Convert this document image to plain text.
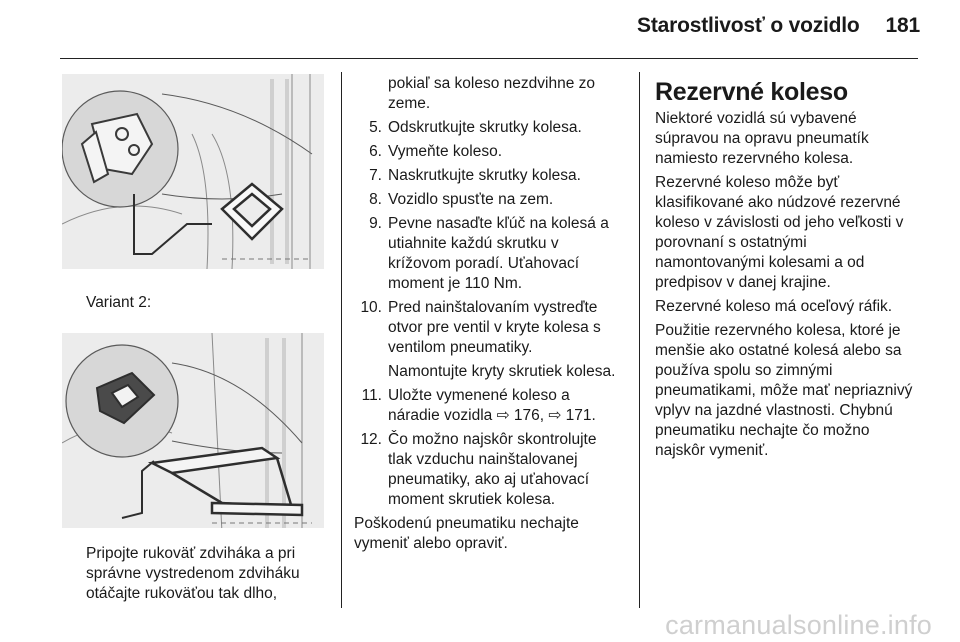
Starostlivosť o vozidlo 181
Variant 2:
Pripojte rukoväť zdviháka a pri
správne vystredenom zdviháku
otáčajte rukoväťou tak dlho,
pokiaľ sa koleso nezdvihne zo
zeme.
5. Odskrutkujte skrutky kolesa.
6. Vymeňte koleso.
7. Naskrutkujte skrutky kolesa.
8. Vozidlo spusťte na zem.
9. Pevne nasaďte kľúč na kolesá a
utiahnite každú skrutku v
krížovom poradí. Uťahovací
moment je 110 Nm.
10. Pred nainštalovaním vystreďte
otvor pre ventil v kryte kolesa s
ventilom pneumatiky.
Namontujte kryty skrutiek kolesa.
11. Uložte vymenené koleso a
náradie vozidla ⇨ 176, ⇨ 171.
12. Čo možno najskôr skontrolujte
tlak vzduchu nainštalovanej
pneumatiky, ako aj uťahovací
moment skrutiek kolesa.
Poškodenú pneumatiku nechajte
vymeniť alebo opraviť.
Rezervné koleso
Niektoré vozidlá sú vybavené
súpravou na opravu pneumatík
namiesto rezervného kolesa.
Rezervné koleso môže byť
klasifikované ako núdzové rezervné
koleso v závislosti od jeho veľkosti v
porovnaní s ostatnými
namontovanými kolesami a od
predpisov v danej krajine.
Rezervné koleso má oceľový ráfik.
Použitie rezervného kolesa, ktoré je
menšie ako ostatné kolesá alebo sa
používa spolu so zimnými
pneumatikami, môže mať nepriaznivý
vplyv na jazdné vlastnosti. Chybnú
pneumatiku nechajte čo možno
najskôr vymeniť.
carmanualsonline.info
